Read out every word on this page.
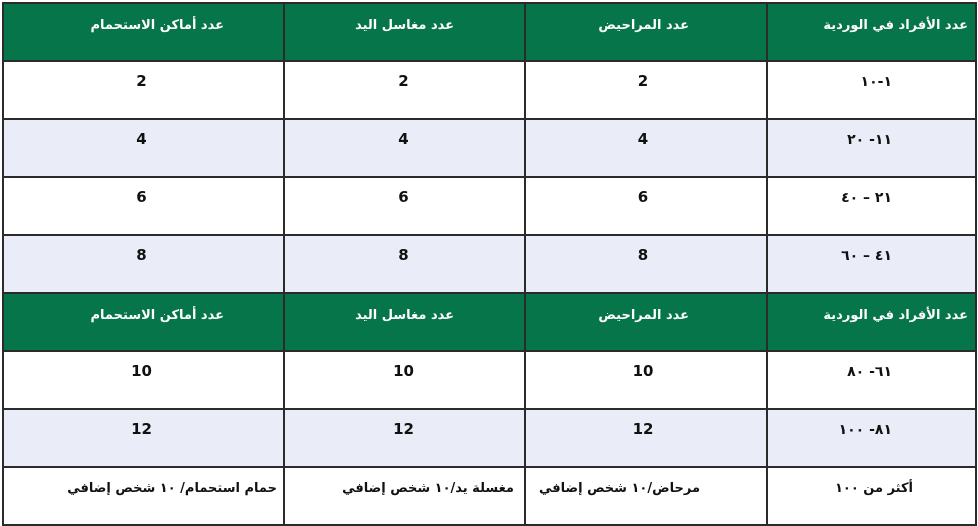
عدد أماكن الاستحمام	عدد مغاسل اليد	عدد المراحيض	عدد الأفراد في الوردية

2	2	2	١-١٠

4	4	4	١١- ٢٠

6	6	6	٢١ – ٤٠

8	8	8	٤١ – ٦٠

عدد أماكن الاستحمام	عدد مغاسل اليد	عدد المراحيض	عدد الأفراد في الوردية

10	10	10	٦١- ٨٠

12	12	12	٨١- ١٠٠

حمام استحمام/ ١٠ شخص إضافي	مغسلة يد/١٠ شخص إضافي	مرحاض/١٠ شخص إضافي	أكثر من ١٠٠
